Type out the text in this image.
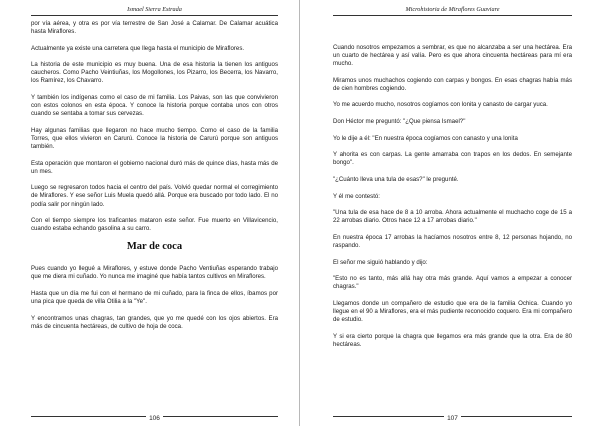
Ismael Sierra Estrada

por vía aérea, y otra es por vía terrestre de San José a Calamar. De Calamar acuática hasta Miraflores.

Actualmente ya existe una carretera que llega hasta el municipio de Miraflores.

La historia de este municipio es muy buena. Una de esa historia la tienen los antiguos caucheros. Como Pacho Veintiuñas, los Mogollones, los Pizarro, los Becerra, los Navarro, los Ramírez, los Chavarro.

Y también los indígenas como el caso de mi familia. Los Paivas, son las que convivieron con estos colonos en esta época. Y conoce la historia porque contaba unos con otros cuando se sentaba a tomar sus cervezas.

Hay algunas familias que llegaron no hace mucho tiempo. Como el caso de la familia Torres, que ellos vivieron en Carurú. Conoce la historia de Carurú porque son antiguos también.

Esta operación que montaron el gobierno nacional duró más de quince días, hasta más de un mes.

Luego se regresaron todos hacia el centro del país. Volvió quedar normal el corregimiento de Miraflores. Y ese señor Luis Muela quedó allá. Porque era buscado por todo lado. El no podía salir por ningún lado.

Con el tiempo siempre los traficantes mataron este señor. Fue muerto en Villavicencio, cuando estaba echando gasolina a su carro.

Mar de coca

Pues cuando yo llegué a Miraflores, y estuve donde Pacho Ventiuñas esperando trabajo que me diera mi cuñado. Yo nunca me imaginé que había tantos cultivos en Miraflores.

Hasta que un día me fui con el hermano de mi cuñado, para la finca de ellos, íbamos por una pica que queda de villa Otilia a la "Ye".

Y encontramos unas chagras, tan grandes, que yo me quedé con los ojos abiertos. Era más de cincuenta hectáreas, de cultivo de hoja de coca.

106
Microhistoria de Miraflores Guaviare

Cuando nosotros empezamos a sembrar, es que no alcanzaba a ser una hectárea. Era un cuarto de hectárea y así valía. Pero es que ahora cincuenta hectáreas para mí era mucho.

Miramos unos muchachos cogiendo con carpas y bongos. En esas chagras había más de cien hombres cogiendo.

Yo me acuerdo mucho, nosotros cogíamos con lonita y canasto de cargar yuca.

Don Héctor me preguntó: "¿Que piensa Ismael?"

Yo le dije a él: "En nuestra época cogíamos con canasto y una lonita

Y ahorita es con carpas. La gente amarraba con trapos en los dedos. En semejante bongo".

"¿Cuánto lleva una tula de esas?" le pregunté.

Y él me contestó:

"Una tula de esa hace de 8 a 10 arroba. Ahora actualmente el muchacho coge de 15 a 22 arrobas diario. Otros hace 12 a 17 arrobas diario."

En nuestra época 17 arrobas la hacíamos nosotros entre 8, 12 personas hojando, no raspando.

El señor me siguió hablando y dijo:

"Esto no es tanto, más allá hay otra más grande. Aquí vamos a empezar a conocer chagras."

Llegamos donde un compañero de estudio que era de la familia Ochica. Cuando yo llegue en el 90 a Miraflores, era el más pudiente reconocido coquero. Era mi compañero de estudio.

Y si era cierto porque la chagra que llegamos era más grande que la otra. Era de 80 hectáreas.

107
